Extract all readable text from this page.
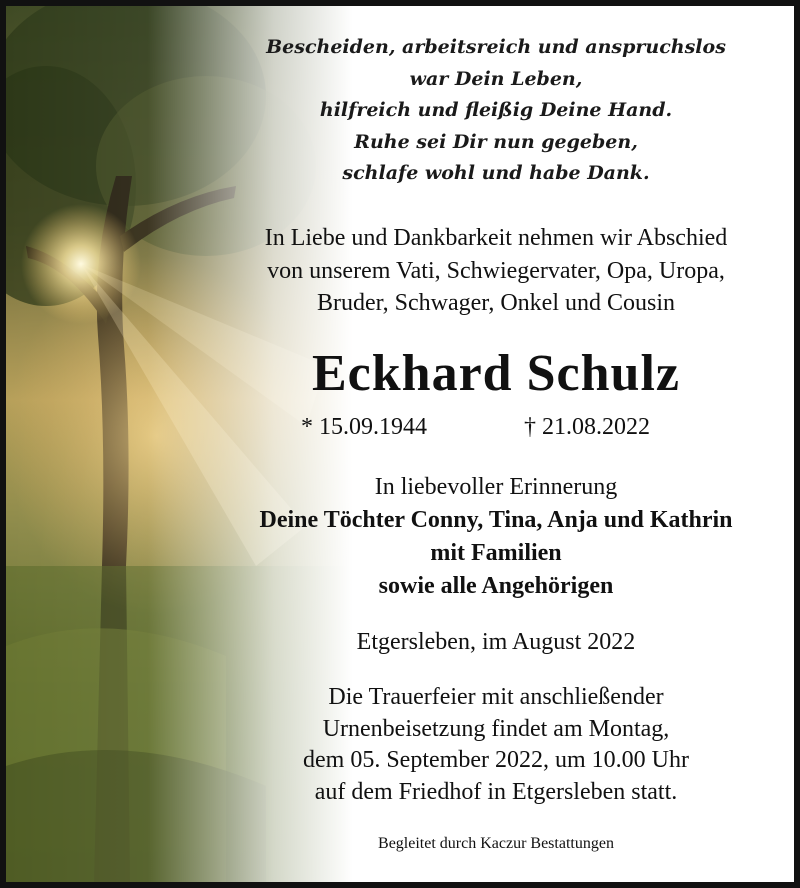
Bescheiden, arbeitsreich und anspruchslos
war Dein Leben,
hilfreich und fleißig Deine Hand.
Ruhe sei Dir nun gegeben,
schlafe wohl und habe Dank.
In Liebe und Dankbarkeit nehmen wir Abschied
von unserem Vati, Schwiegervater, Opa, Uropa,
Bruder, Schwager, Onkel und Cousin
Eckhard Schulz
* 15.09.1944	† 21.08.2022
In liebevoller Erinnerung
Deine Töchter Conny, Tina, Anja und Kathrin
mit Familien
sowie alle Angehörigen
Etgersleben, im August 2022
Die Trauerfeier mit anschließender
Urnenbeisetzung findet am Montag,
dem 05. September 2022, um 10.00 Uhr
auf dem Friedhof in Etgersleben statt.
Begleitet durch Kaczur Bestattungen
